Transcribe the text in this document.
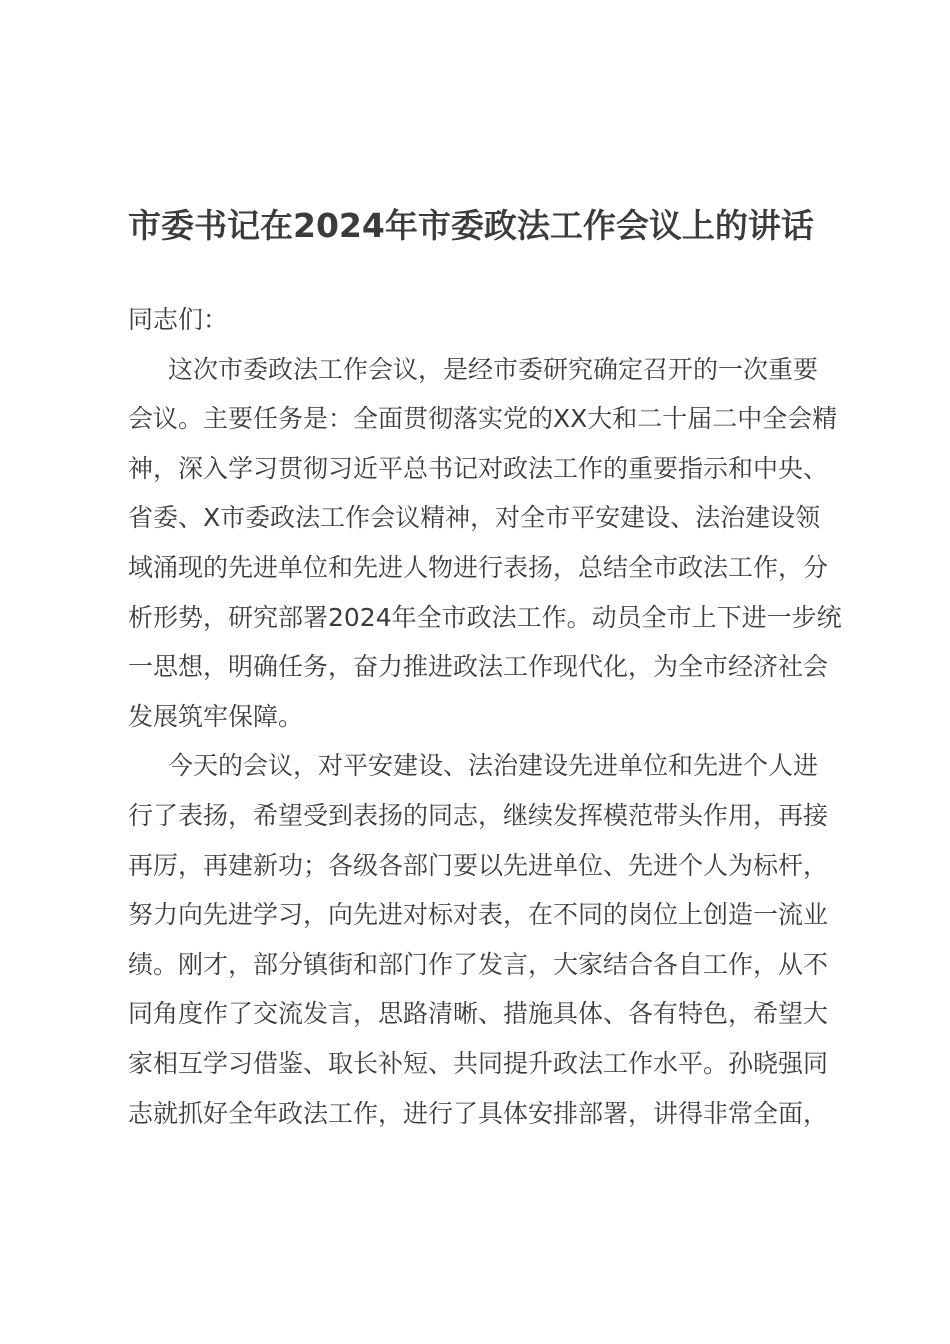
市委书记在2024年市委政法工作会议上的讲话

同志们：

这次市委政法工作会议，是经市委研究确定召开的一次重要
会议。主要任务是：全面贯彻落实党的XX大和二十届二中全会精
神，深入学习贯彻习近平总书记对政法工作的重要指示和中央、
省委、X市委政法工作会议精神，对全市平安建设、法治建设领
域涌现的先进单位和先进人物进行表扬，总结全市政法工作，分
析形势，研究部署2024年全市政法工作。动员全市上下进一步统
一思想，明确任务，奋力推进政法工作现代化，为全市经济社会
发展筑牢保障。
今天的会议，对平安建设、法治建设先进单位和先进个人进
行了表扬，希望受到表扬的同志，继续发挥模范带头作用，再接
再厉，再建新功；各级各部门要以先进单位、先进个人为标杆，
努力向先进学习，向先进对标对表，在不同的岗位上创造一流业
绩。刚才，部分镇街和部门作了发言，大家结合各自工作，从不
同角度作了交流发言，思路清晰、措施具体、各有特色，希望大
家相互学习借鉴、取长补短、共同提升政法工作水平。孙晓强同
志就抓好全年政法工作，进行了具体安排部署，讲得非常全面，
